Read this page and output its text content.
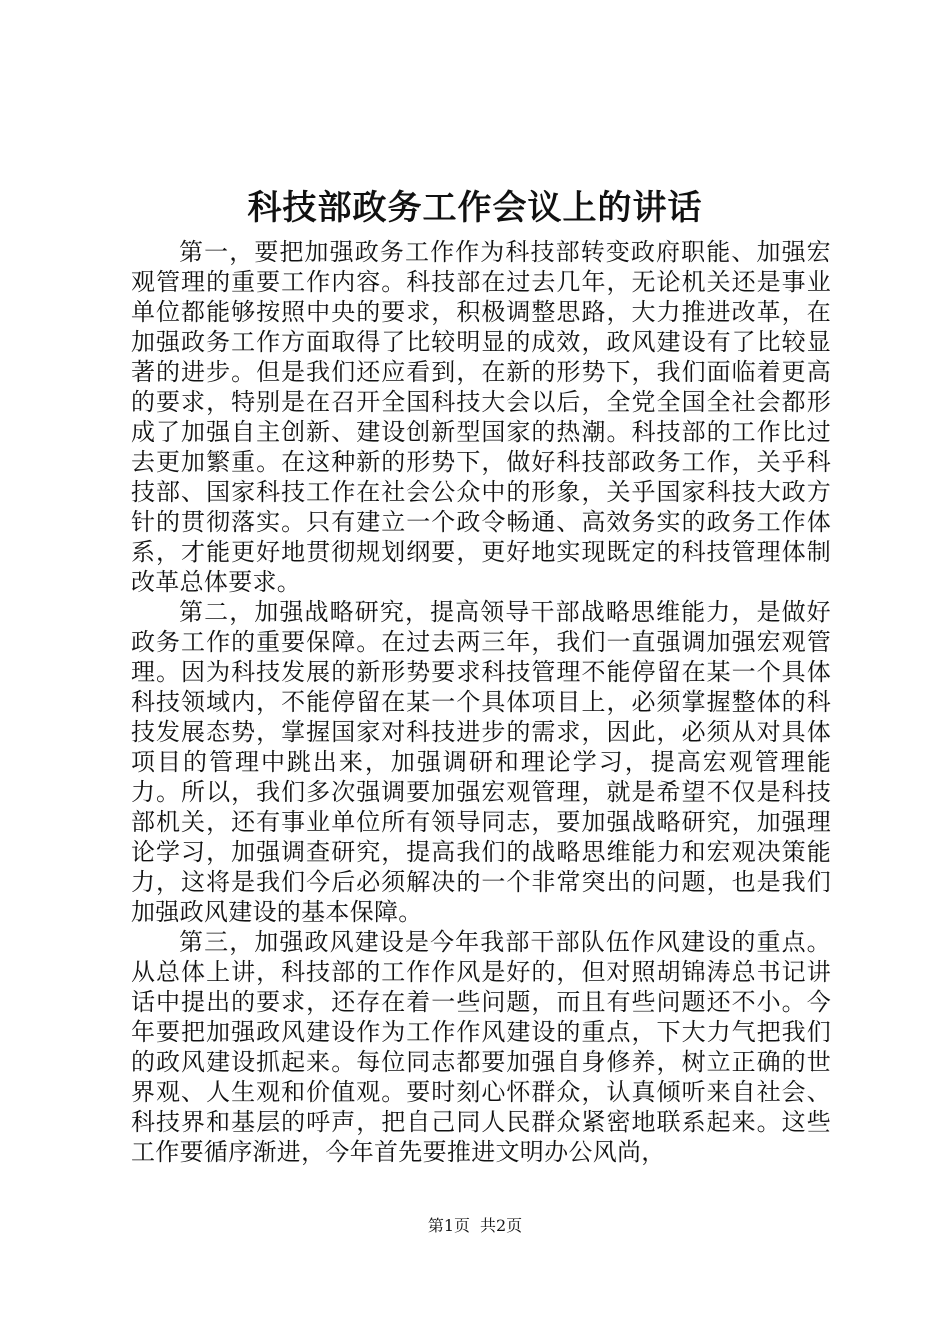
科技部政务工作会议上的讲话

第一，要把加强政务工作作为科技部转变政府职能、加强宏观管理的重要工作内容。科技部在过去几年，无论机关还是事业单位都能够按照中央的要求，积极调整思路，大力推进改革，在加强政务工作方面取得了比较明显的成效，政风建设有了比较显著的进步。但是我们还应看到，在新的形势下，我们面临着更高的要求，特别是在召开全国科技大会以后，全党全国全社会都形成了加强自主创新、建设创新型国家的热潮。科技部的工作比过去更加繁重。在这种新的形势下，做好科技部政务工作，关乎科技部、国家科技工作在社会公众中的形象，关乎国家科技大政方针的贯彻落实。只有建立一个政令畅通、高效务实的政务工作体系，才能更好地贯彻规划纲要，更好地实现既定的科技管理体制改革总体要求。

第二，加强战略研究，提高领导干部战略思维能力，是做好政务工作的重要保障。在过去两三年，我们一直强调加强宏观管理。因为科技发展的新形势要求科技管理不能停留在某一个具体科技领域内，不能停留在某一个具体项目上，必须掌握整体的科技发展态势，掌握国家对科技进步的需求，因此，必须从对具体项目的管理中跳出来，加强调研和理论学习，提高宏观管理能力。所以，我们多次强调要加强宏观管理，就是希望不仅是科技部机关，还有事业单位所有领导同志，要加强战略研究，加强理论学习，加强调查研究，提高我们的战略思维能力和宏观决策能力，这将是我们今后必须解决的一个非常突出的问题，也是我们加强政风建设的基本保障。

第三，加强政风建设是今年我部干部队伍作风建设的重点。从总体上讲，科技部的工作作风是好的，但对照胡锦涛总书记讲话中提出的要求，还存在着一些问题，而且有些问题还不小。今年要把加强政风建设作为工作作风建设的重点，下大力气把我们的政风建设抓起来。每位同志都要加强自身修养，树立正确的世界观、人生观和价值观。要时刻心怀群众，认真倾听来自社会、科技界和基层的呼声，把自己同人民群众紧密地联系起来。这些工作要循序渐进，今年首先要推进文明办公风尚，

第1页 共2页
